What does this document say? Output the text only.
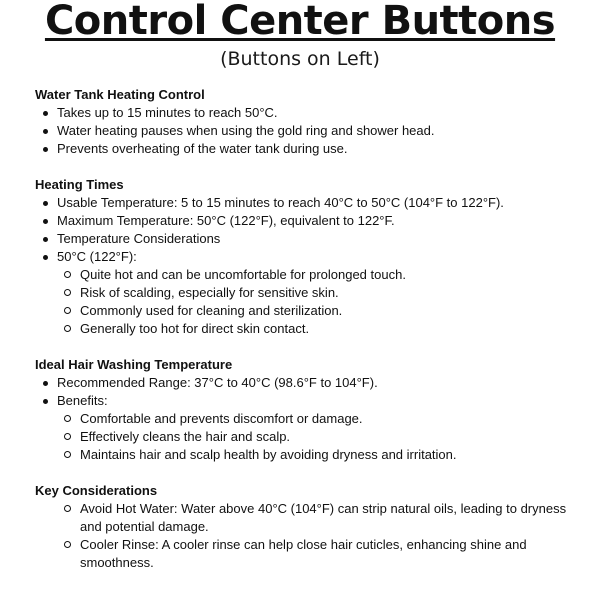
Control Center Buttons
(Buttons on Left)
Water Tank Heating Control
Takes up to 15 minutes to reach 50°C.
Water heating pauses when using the gold ring and shower head.
Prevents overheating of the water tank during use.
Heating Times
Usable Temperature: 5 to 15 minutes to reach 40°C to 50°C (104°F to 122°F).
Maximum Temperature: 50°C (122°F), equivalent to 122°F.
Temperature Considerations
50°C (122°F):
Quite hot and can be uncomfortable for prolonged touch.
Risk of scalding, especially for sensitive skin.
Commonly used for cleaning and sterilization.
Generally too hot for direct skin contact.
Ideal Hair Washing Temperature
Recommended Range: 37°C to 40°C (98.6°F to 104°F).
Benefits:
Comfortable and prevents discomfort or damage.
Effectively cleans the hair and scalp.
Maintains hair and scalp health by avoiding dryness and irritation.
Key Considerations
Avoid Hot Water: Water above 40°C (104°F) can strip natural oils, leading to dryness and potential damage.
Cooler Rinse: A cooler rinse can help close hair cuticles, enhancing shine and smoothness.
